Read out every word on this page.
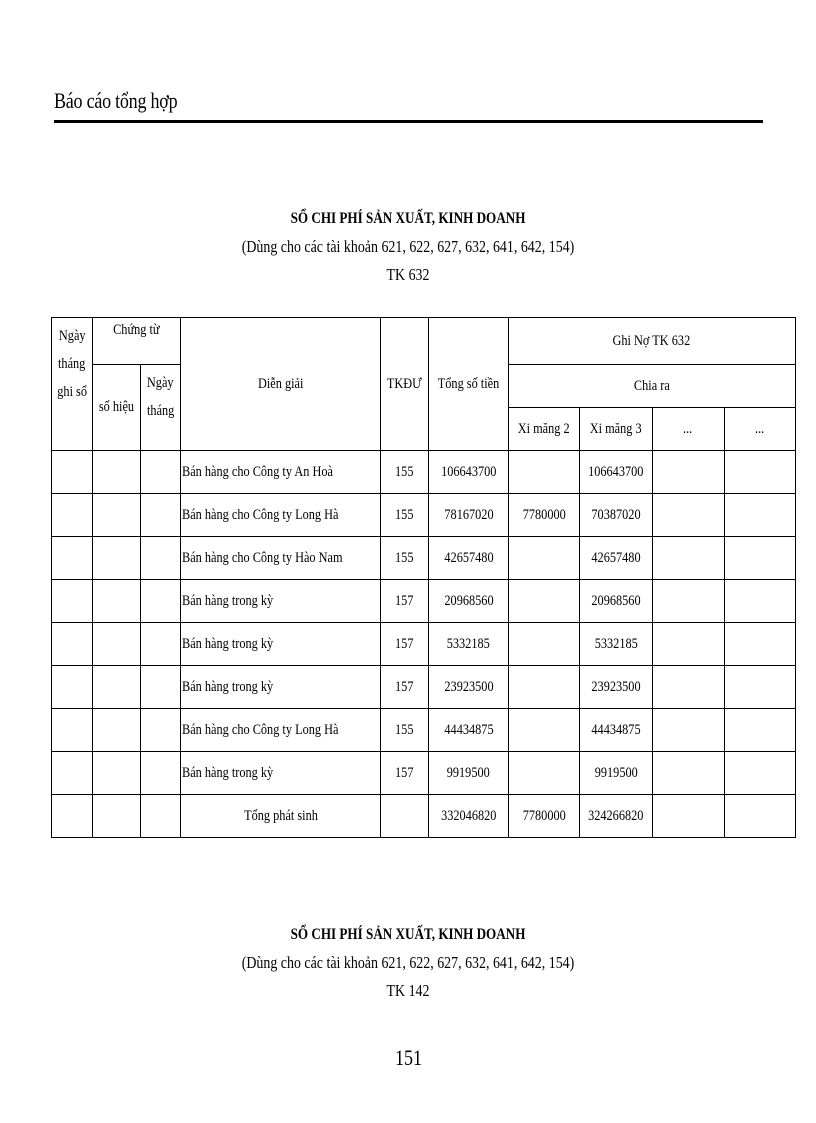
Báo cáo tổng hợp
SỔ CHI PHÍ SẢN XUẤT, KINH DOANH
(Dùng cho các tài khoản 621, 622, 627, 632, 641, 642, 154)
TK 632
Ngày
tháng
ghi sổ	Chứng từ		Diễn giải	TKĐƯ	Tổng số tiền	Ghi Nợ TK 632			
	số hiệu	Ngày
tháng				Chia ra			
						Xi măng 2	Xi măng 3	...	...
			Bán hàng cho Công ty An Hoà	155	106643700		106643700		
			Bán hàng cho Công ty Long Hà	155	78167020	7780000	70387020		
			Bán hàng cho Công ty Hào Nam	155	42657480		42657480		
			Bán hàng trong kỳ	157	20968560		20968560		
			Bán hàng trong kỳ	157	5332185		5332185		
			Bán hàng trong kỳ	157	23923500		23923500		
			Bán hàng cho Công ty Long Hà	155	44434875		44434875		
			Bán hàng trong kỳ	157	9919500		9919500		
			Tổng phát sinh		332046820	7780000	324266820		
SỔ CHI PHÍ SẢN XUẤT, KINH DOANH
(Dùng cho các tài khoản 621, 622, 627, 632, 641, 642, 154)
TK 142
151
